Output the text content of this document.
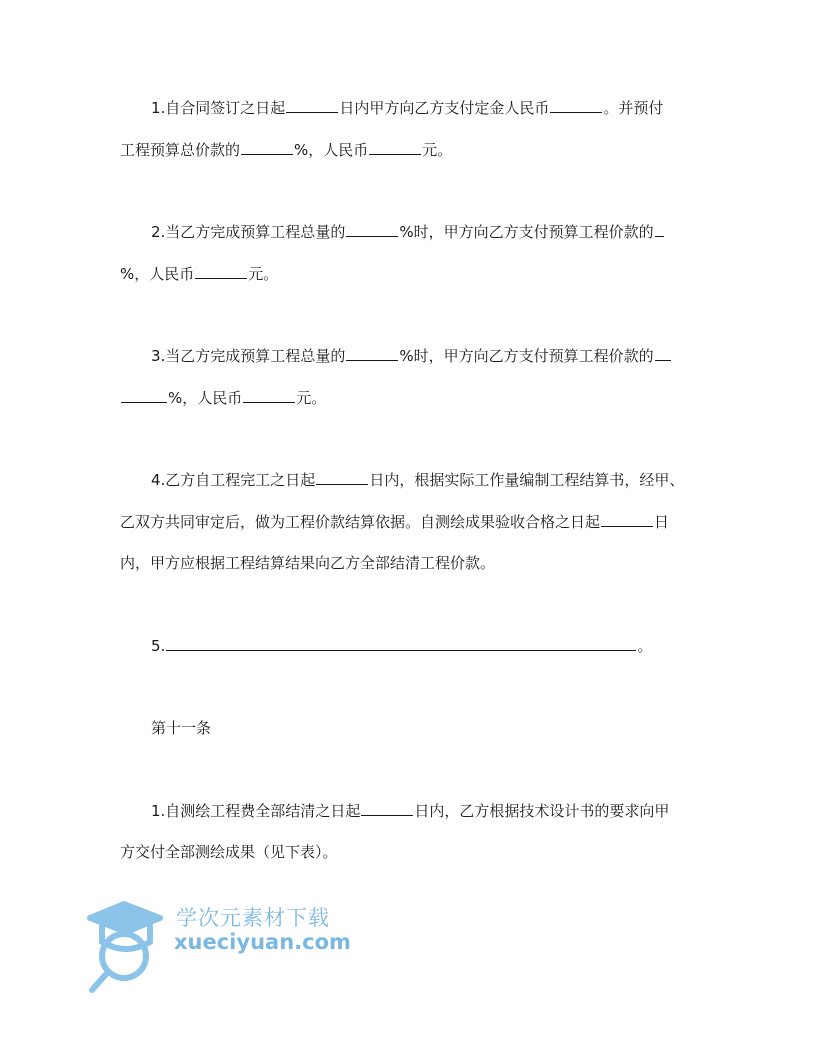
1.自合同签订之日起	日内甲方向乙方支付定金人民币	。并预付
工程预算总价款的	%，人民币	元。
2.当乙方完成预算工程总量的	%时，甲方向乙方支付预算工程价款的
%，人民币	元。
3.当乙方完成预算工程总量的	%时，甲方向乙方支付预算工程价款的
%，人民币	元。
4.乙方自工程完工之日起	日内，根据实际工作量编制工程结算书，经甲、
乙双方共同审定后，做为工程价款结算依据。自测绘成果验收合格之日起	日
内，甲方应根据工程结算结果向乙方全部结清工程价款。
5.	。
第十一条
1.自测绘工程费全部结清之日起	日内，乙方根据技术设计书的要求向甲
方交付全部测绘成果（见下表）。
学次元素材下载
xueciyuan.com
